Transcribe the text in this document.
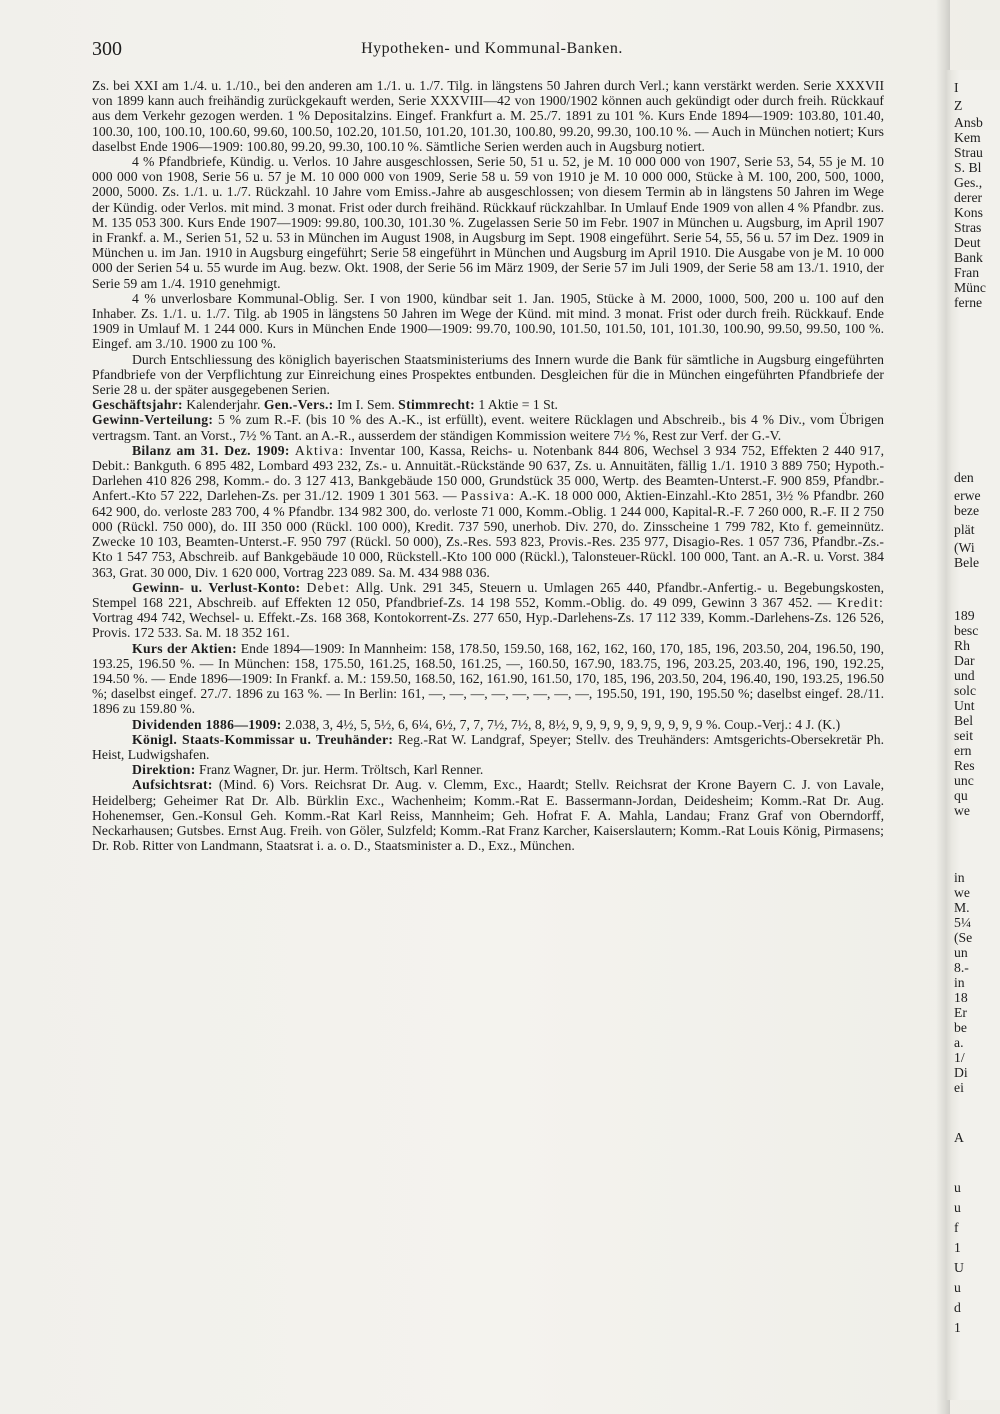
300	Hypotheken- und Kommunal-Banken.

Zs. bei XXI am 1./4. u. 1./10., bei den anderen am 1./1. u. 1./7. Tilg. in längstens 50 Jahren durch Verl.; kann verstärkt werden. Serie XXXVII von 1899 kann auch freihändig zurückgekauft werden, Serie XXXVIII—42 von 1900/1902 können auch gekündigt oder durch freih. Rückkauf aus dem Verkehr gezogen werden. 1 % Depositalzins. Eingef. Frankfurt a. M. 25./7. 1891 zu 101 %. Kurs Ende 1894—1909: 103.80, 101.40, 100.30, 100, 100.10, 100.60, 99.60, 100.50, 102.20, 101.50, 101.20, 101.30, 100.80, 99.20, 99.30, 100.10 %. — Auch in München notiert; Kurs daselbst Ende 1906—1909: 100.80, 99.20, 99.30, 100.10 %. Sämtliche Serien werden auch in Augsburg notiert.

4 % Pfandbriefe, Kündig. u. Verlos. 10 Jahre ausgeschlossen, Serie 50, 51 u. 52, je M. 10 000 000 von 1907, Serie 53, 54, 55 je M. 10 000 000 von 1908, Serie 56 u. 57 je M. 10 000 000 von 1909, Serie 58 u. 59 von 1910 je M. 10 000 000, Stücke à M. 100, 200, 500, 1000, 2000, 5000. Zs. 1./1. u. 1./7. Rückzahl. 10 Jahre vom Emiss.-Jahre ab ausgeschlossen; von diesem Termin ab in längstens 50 Jahren im Wege der Kündig. oder Verlos. mit mind. 3 monat. Frist oder durch freihänd. Rückkauf rückzahlbar. In Umlauf Ende 1909 von allen 4 % Pfandbr. zus. M. 135 053 300. Kurs Ende 1907—1909: 99.80, 100.30, 101.30 %. Zugelassen Serie 50 im Febr. 1907 in München u. Augsburg, im April 1907 in Frankf. a. M., Serien 51, 52 u. 53 in München im August 1908, in Augsburg im Sept. 1908 eingeführt. Serie 54, 55, 56 u. 57 im Dez. 1909 in München u. im Jan. 1910 in Augsburg eingeführt; Serie 58 eingeführt in München und Augsburg im April 1910. Die Ausgabe von je M. 10 000 000 der Serien 54 u. 55 wurde im Aug. bezw. Okt. 1908, der Serie 56 im März 1909, der Serie 57 im Juli 1909, der Serie 58 am 13./1. 1910, der Serie 59 am 1./4. 1910 genehmigt.

4 % unverlosbare Kommunal-Oblig. Ser. I von 1900, kündbar seit 1. Jan. 1905, Stücke à M. 2000, 1000, 500, 200 u. 100 auf den Inhaber. Zs. 1./1. u. 1./7. Tilg. ab 1905 in längstens 50 Jahren im Wege der Künd. mit mind. 3 monat. Frist oder durch freih. Rückkauf. Ende 1909 in Umlauf M. 1 244 000. Kurs in München Ende 1900—1909: 99.70, 100.90, 101.50, 101.50, 101, 101.30, 100.90, 99.50, 99.50, 100 %. Eingef. am 3./10. 1900 zu 100 %.

Durch Entschliessung des königlich bayerischen Staatsministeriums des Innern wurde die Bank für sämtliche in Augsburg eingeführten Pfandbriefe von der Verpflichtung zur Einreichung eines Prospektes entbunden. Desgleichen für die in München eingeführten Pfandbriefe der Serie 28 u. der später ausgegebenen Serien.

Geschäftsjahr: Kalenderjahr. Gen.-Vers.: Im I. Sem. Stimmrecht: 1 Aktie = 1 St.

Gewinn-Verteilung: 5 % zum R.-F. (bis 10 % des A.-K., ist erfüllt), event. weitere Rücklagen und Abschreib., bis 4 % Div., vom Übrigen vertragsm. Tant. an Vorst., 7½ % Tant. an A.-R., ausserdem der ständigen Kommission weitere 7½ %, Rest zur Verf. der G.-V.

Bilanz am 31. Dez. 1909: Aktiva: Inventar 100, Kassa, Reichs- u. Notenbank 844 806, Wechsel 3 934 752, Effekten 2 440 917, Debit.: Bankguth. 6 895 482, Lombard 493 232, Zs.- u. Annuität.-Rückstände 90 637, Zs. u. Annuitäten, fällig 1./1. 1910 3 889 750; Hypoth.-Darlehen 410 826 298, Komm.- do. 3 127 413, Bankgebäude 150 000, Grundstück 35 000, Wertp. des Beamten-Unterst.-F. 900 859, Pfandbr.-Anfert.-Kto 57 222, Darlehen-Zs. per 31./12. 1909 1 301 563. — Passiva: A.-K. 18 000 000, Aktien-Einzahl.-Kto 2851, 3½ % Pfandbr. 260 642 900, do. verloste 283 700, 4 % Pfandbr. 134 982 300, do. verloste 71 000, Komm.-Oblig. 1 244 000, Kapital-R.-F. 7 260 000, R.-F. II 2 750 000 (Rückl. 750 000), do. III 350 000 (Rückl. 100 000), Kredit. 737 590, unerhob. Div. 270, do. Zinsscheine 1 799 782, Kto f. gemeinnütz. Zwecke 10 103, Beamten-Unterst.-F. 950 797 (Rückl. 50 000), Zs.-Res. 593 823, Provis.-Res. 235 977, Disagio-Res. 1 057 736, Pfandbr.-Zs.-Kto 1 547 753, Abschreib. auf Bankgebäude 10 000, Rückstell.-Kto 100 000 (Rückl.), Talonsteuer-Rückl. 100 000, Tant. an A.-R. u. Vorst. 384 363, Grat. 30 000, Div. 1 620 000, Vortrag 223 089. Sa. M. 434 988 036.

Gewinn- u. Verlust-Konto: Debet: Allg. Unk. 291 345, Steuern u. Umlagen 265 440, Pfandbr.-Anfertig.- u. Begebungskosten, Stempel 168 221, Abschreib. auf Effekten 12 050, Pfandbrief-Zs. 14 198 552, Komm.-Oblig. do. 49 099, Gewinn 3 367 452. — Kredit: Vortrag 494 742, Wechsel- u. Effekt.-Zs. 168 368, Kontokorrent-Zs. 277 650, Hyp.-Darlehens-Zs. 17 112 339, Komm.-Darlehens-Zs. 126 526, Provis. 172 533. Sa. M. 18 352 161.

Kurs der Aktien: Ende 1894—1909: In Mannheim: 158, 178.50, 159.50, 168, 162, 162, 160, 170, 185, 196, 203.50, 204, 196.50, 190, 193.25, 196.50 %. — In München: 158, 175.50, 161.25, 168.50, 161.25, —, 160.50, 167.90, 183.75, 196, 203.25, 203.40, 196, 190, 192.25, 194.50 %. — Ende 1896—1909: In Frankf. a. M.: 159.50, 168.50, 162, 161.90, 161.50, 170, 185, 196, 203.50, 204, 196.40, 190, 193.25, 196.50 %; daselbst eingef. 27./7. 1896 zu 163 %. — In Berlin: 161, —, —, —, —, —, —, —, —, 195.50, 191, 190, 195.50 %; daselbst eingef. 28./11. 1896 zu 159.80 %.

Dividenden 1886—1909: 2.038, 3, 4½, 5, 5½, 6, 6¼, 6½, 7, 7, 7½, 7½, 8, 8½, 9, 9, 9, 9, 9, 9, 9, 9, 9, 9 %. Coup.-Verj.: 4 J. (K.)

Königl. Staats-Kommissar u. Treuhänder: Reg.-Rat W. Landgraf, Speyer; Stellv. des Treuhänders: Amtsgerichts-Obersekretär Ph. Heist, Ludwigshafen.

Direktion: Franz Wagner, Dr. jur. Herm. Tröltsch, Karl Renner.

Aufsichtsrat: (Mind. 6) Vors. Reichsrat Dr. Aug. v. Clemm, Exc., Haardt; Stellv. Reichsrat der Krone Bayern C. J. von Lavale, Heidelberg; Geheimer Rat Dr. Alb. Bürklin Exc., Wachenheim; Komm.-Rat E. Bassermann-Jordan, Deidesheim; Komm.-Rat Dr. Aug. Hohenemser, Gen.-Konsul Geh. Komm.-Rat Karl Reiss, Mannheim; Geh. Hofrat F. A. Mahla, Landau; Franz Graf von Oberndorff, Neckarhausen; Gutsbes. Ernst Aug. Freih. von Göler, Sulzfeld; Komm.-Rat Franz Karcher, Kaiserslautern; Komm.-Rat Louis König, Pirmasens; Dr. Rob. Ritter von Landmann, Staatsrat i. a. o. D., Staatsminister a. D., Exz., München.

I
Z
Ansb
Kem
Strau
S. Bl
Ges.,
derer
Kons
Stras
Deut
Bank
Fran
Münc
ferne
den
erwe
beze
plät
(Wi
Bele
189
besc
Rh
Dar
und
solc
Unt
Bel
seit
ern
Res
unc
qu
we
in
we
M.
5¼
(Se
un
8.-
in
18
Er
be
a.
1/
Di
ei
A
u
u
f
1
U
u
d
1
